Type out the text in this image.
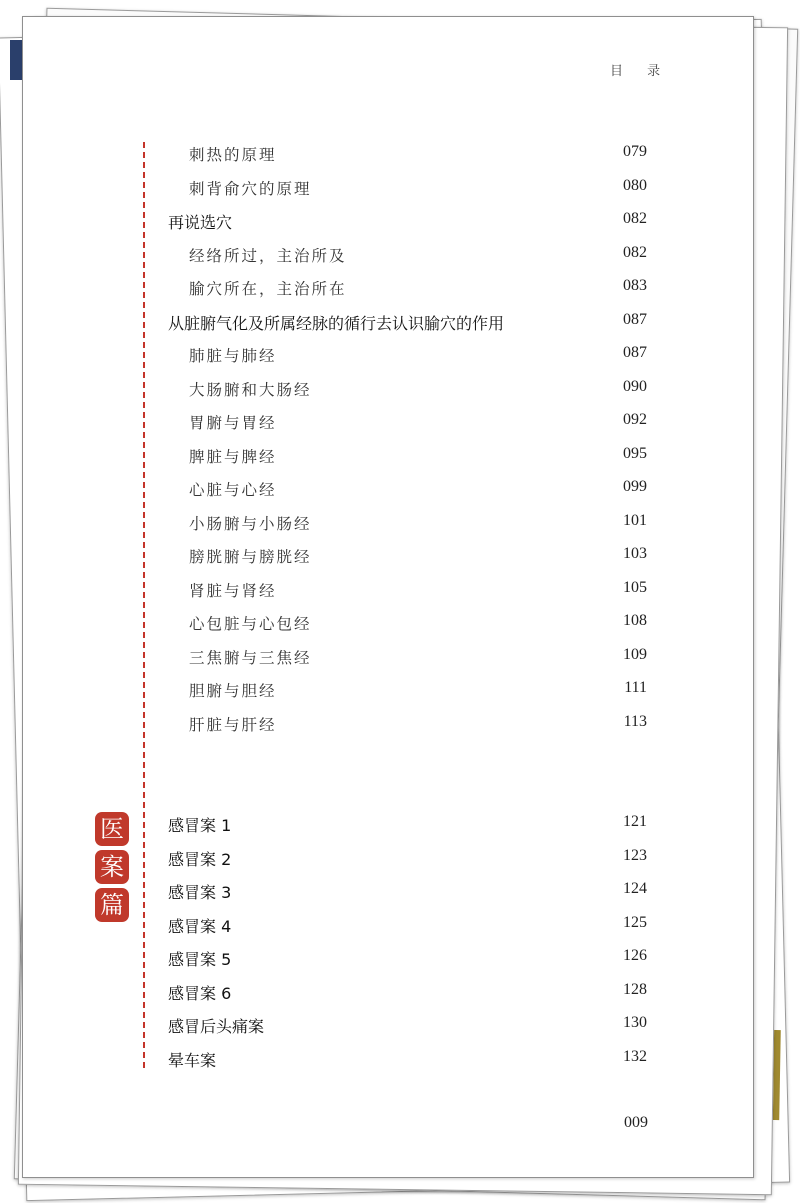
目 录
刺热的原理	079
刺背俞穴的原理	080
再说选穴	082
经络所过，主治所及	082
腧穴所在，主治所在	083
从脏腑气化及所属经脉的循行去认识腧穴的作用	087
肺脏与肺经	087
大肠腑和大肠经	090
胃腑与胃经	092
脾脏与脾经	095
心脏与心经	099
小肠腑与小肠经	101
膀胱腑与膀胱经	103
肾脏与肾经	105
心包脏与心包经	108
三焦腑与三焦经	109
胆腑与胆经	111
肝脏与肝经	113
医
案
篇
感冒案 1	121
感冒案 2	123
感冒案 3	124
感冒案 4	125
感冒案 5	126
感冒案 6	128
感冒后头痛案	130
晕车案	132
009
